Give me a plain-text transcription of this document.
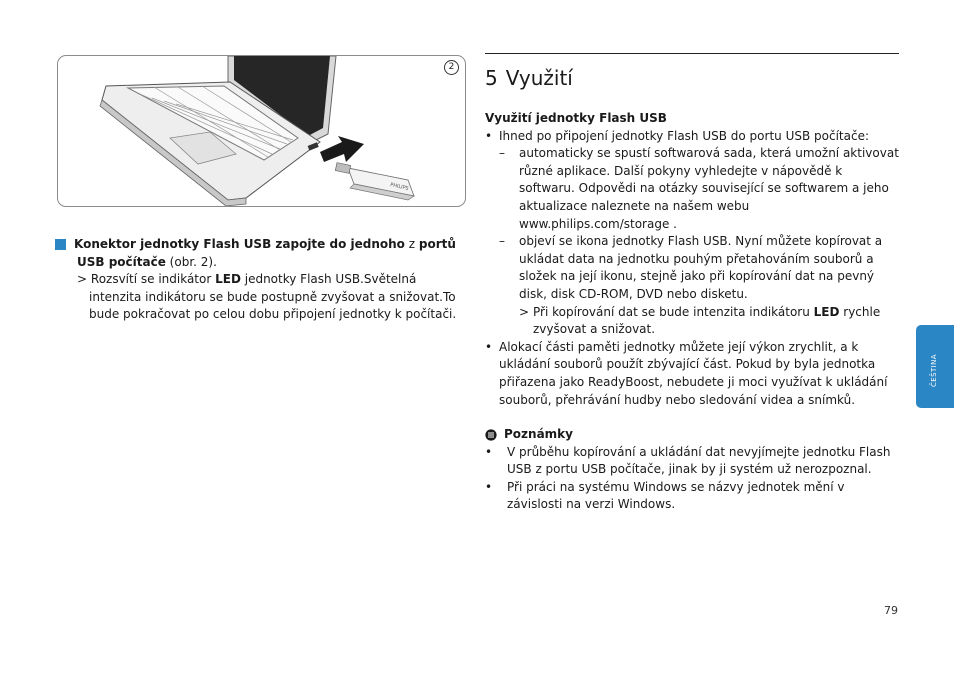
PHILIPS
2

2 Konektor jednotky Flash USB zapojte do jednoho z portů USB počítače (obr. 2).

> Rozsvítí se indikátor LED jednotky Flash USB.Světelná intenzita indikátoru se bude postupně zvyšovat a snižovat.To bude pokračovat po celou dobu připojení jednotky k počítači.

5 Využití

Využití jednotky Flash USB

• Ihned po připojení jednotky Flash USB do portu USB počítače:

– automaticky se spustí softwarová sada, která umožní aktivovat různé aplikace. Další pokyny vyhledejte v nápovědě k softwaru. Odpovědi na otázky související se softwarem a jeho aktualizace naleznete na našem webu www.philips.com/storage .

– objeví se ikona jednotky Flash USB. Nyní můžete kopírovat a ukládat data na jednotku pouhým přetahováním souborů a složek na její ikonu, stejně jako při kopírování dat na pevný disk, disk CD-ROM, DVD nebo disketu.

> Při kopírování dat se bude intenzita indikátoru LED rychle zvyšovat a snižovat.

• Alokací části paměti jednotky můžete její výkon zrychlit, a k ukládání souborů použít zbývající část. Pokud by byla jednotka přiřazena jako ReadyBoost, nebudete ji moci využívat k ukládání souborů, přehrávání hudby nebo sledování videa a snímků.

Poznámky

• V průběhu kopírování a ukládání dat nevyjímejte jednotku Flash USB z portu USB počítače, jinak by ji systém už nerozpoznal.

• Při práci na systému Windows se názvy jednotek mění v závislosti na verzi Windows.

ČEŠTINA
79
